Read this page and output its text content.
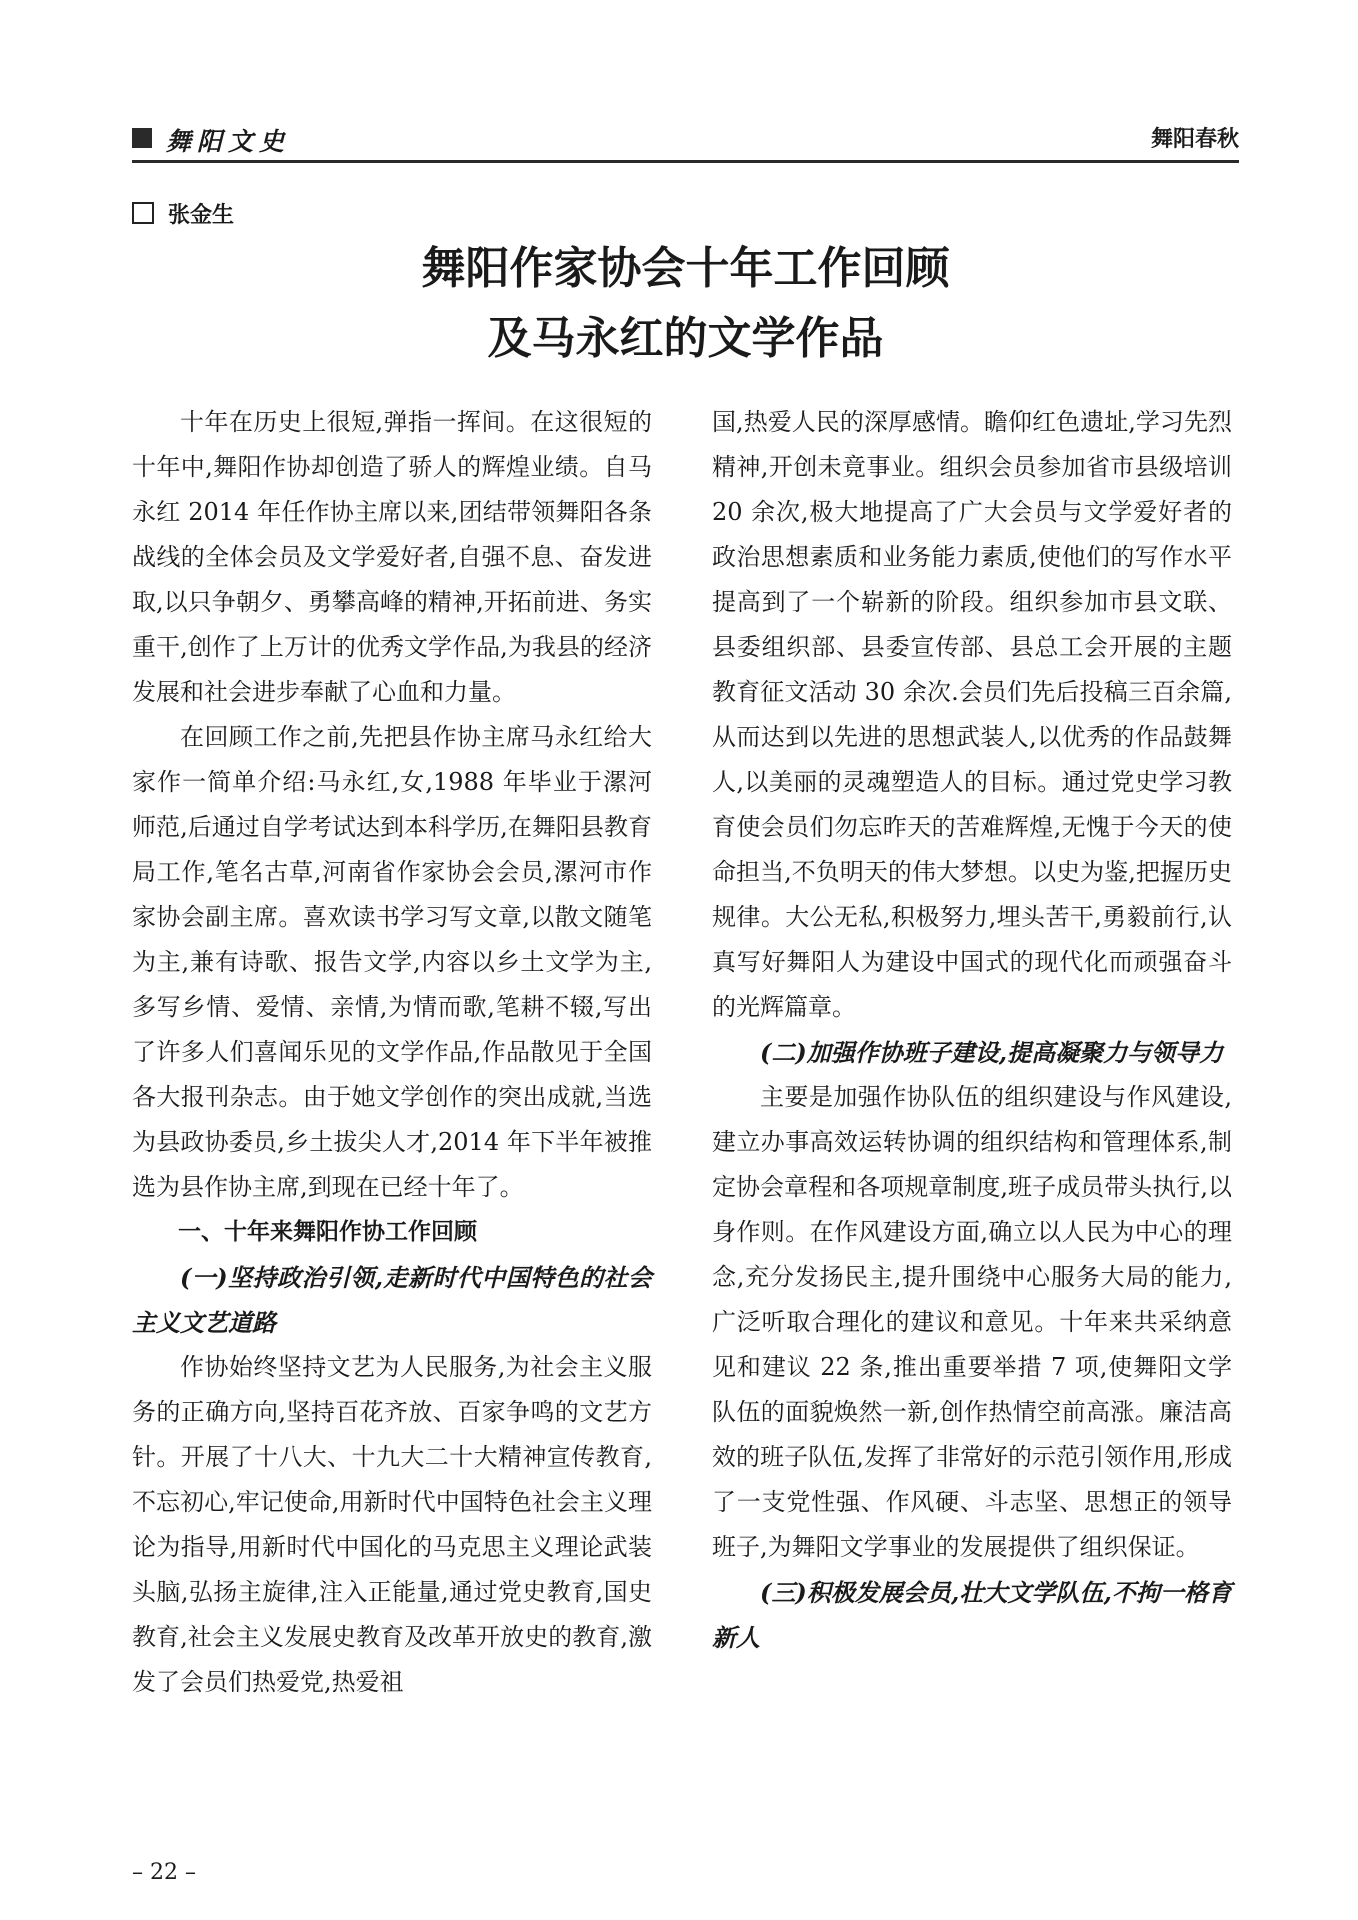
舞阳文史	舞阳春秋
张金生
舞阳作家协会十年工作回顾
及马永红的文学作品

十年在历史上很短,弹指一挥间。在这很短的十年中,舞阳作协却创造了骄人的辉煌业绩。自马永红 2014 年任作协主席以来,团结带领舞阳各条战线的全体会员及文学爱好者,自强不息、奋发进取,以只争朝夕、勇攀高峰的精神,开拓前进、务实重干,创作了上万计的优秀文学作品,为我县的经济发展和社会进步奉献了心血和力量。

在回顾工作之前,先把县作协主席马永红给大家作一简单介绍:马永红,女,1988 年毕业于漯河师范,后通过自学考试达到本科学历,在舞阳县教育局工作,笔名古草,河南省作家协会会员,漯河市作家协会副主席。喜欢读书学习写文章,以散文随笔为主,兼有诗歌、报告文学,内容以乡土文学为主,多写乡情、爱情、亲情,为情而歌,笔耕不辍,写出了许多人们喜闻乐见的文学作品,作品散见于全国各大报刊杂志。由于她文学创作的突出成就,当选为县政协委员,乡土拔尖人才,2014 年下半年被推选为县作协主席,到现在已经十年了。

一、十年来舞阳作协工作回顾

(一)坚持政治引领,走新时代中国特色的社会主义文艺道路

作协始终坚持文艺为人民服务,为社会主义服务的正确方向,坚持百花齐放、百家争鸣的文艺方针。开展了十八大、十九大二十大精神宣传教育,不忘初心,牢记使命,用新时代中国特色社会主义理论为指导,用新时代中国化的马克思主义理论武装头脑,弘扬主旋律,注入正能量,通过党史教育,国史教育,社会主义发展史教育及改革开放史的教育,激发了会员们热爱党,热爱祖

国,热爱人民的深厚感情。瞻仰红色遗址,学习先烈精神,开创未竟事业。组织会员参加省市县级培训 20 余次,极大地提高了广大会员与文学爱好者的政治思想素质和业务能力素质,使他们的写作水平提高到了一个崭新的阶段。组织参加市县文联、县委组织部、县委宣传部、县总工会开展的主题教育征文活动 30 余次.会员们先后投稿三百余篇,从而达到以先进的思想武装人,以优秀的作品鼓舞人,以美丽的灵魂塑造人的目标。通过党史学习教育使会员们勿忘昨天的苦难辉煌,无愧于今天的使命担当,不负明天的伟大梦想。以史为鉴,把握历史规律。大公无私,积极努力,埋头苦干,勇毅前行,认真写好舞阳人为建设中国式的现代化而顽强奋斗的光辉篇章。

(二)加强作协班子建设,提高凝聚力与领导力

主要是加强作协队伍的组织建设与作风建设,建立办事高效运转协调的组织结构和管理体系,制定协会章程和各项规章制度,班子成员带头执行,以身作则。在作风建设方面,确立以人民为中心的理念,充分发扬民主,提升围绕中心服务大局的能力,广泛听取合理化的建议和意见。十年来共采纳意见和建议 22 条,推出重要举措 7 项,使舞阳文学队伍的面貌焕然一新,创作热情空前高涨。廉洁高效的班子队伍,发挥了非常好的示范引领作用,形成了一支党性强、作风硬、斗志坚、思想正的领导班子,为舞阳文学事业的发展提供了组织保证。

(三)积极发展会员,壮大文学队伍,不拘一格育新人

– 22 –
